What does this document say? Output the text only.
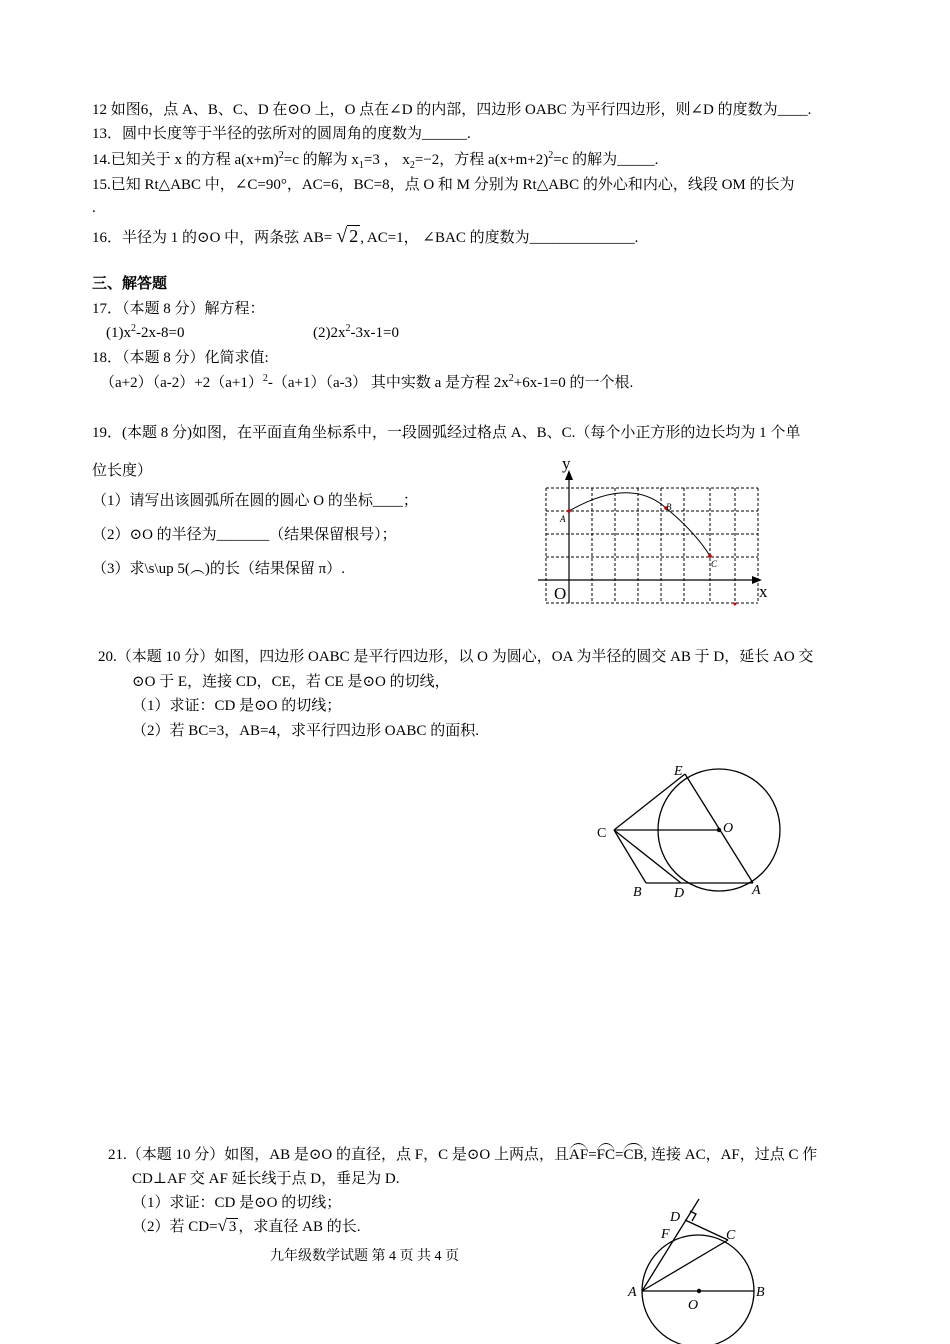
12 如图6，点 A、B、C、D 在⊙O 上，O 点在∠D 的内部，四边形 OABC 为平行四边形，则∠D 的度数为____.
13．圆中长度等于半径的弦所对的圆周角的度数为______.
14.已知关于 x 的方程 $a(x+m)^2=c$ 的解为 $x_1=3$ ， $x_2=-2$，方程 $a(x+m+2)^2=c$ 的解为_____.
15.已知 Rt△ABC 中，∠C=90°，AC=6，BC=8，点 O 和 M 分别为 Rt△ABC 的外心和内心，线段 OM 的长为
.
16．半径为 1 的⊙O 中，两条弦 AB= √ 2 , AC=1， ∠BAC 的度数为______________.
三、解答题
17．（本题 8 分）解方程：
$(1)x^2-2x-8=0$	$(2)2x^2-3x-1=0$
18．（本题 8 分）化简求值:
$(a+2)(a-2)+2(a+1)^2-(a+1)(a-3)$ 其中实数 a 是方程 $2x^2+6x-1=0$ 的一个根.
19．(本题 8 分)如图，在平面直角坐标系中，一段圆弧经过格点 A、B、C.（每个小正方形的边长均为 1 个单
位长度）
（1）请写出该圆弧所在圆的圆心 O 的坐标____；
（2）⊙O 的半径为_______（结果保留根号）；
（3）求\s\up 5(︵)的长（结果保留 π）.
A
B
C
y
x
O
20.（本题 10 分）如图，四边形 OABC 是平行四边形，以 O 为圆心，OA 为半径的圆交 AB 于 D，延长 AO 交
⊙O 于 E，连接 CD，CE，若 CE 是⊙O 的切线，
（1）求证：CD 是⊙O 的切线；
（2）若 BC=3，AB=4，求平行四边形 OABC 的面积.
E
C	O
B D	A
21.（本题 10 分）如图，AB 是⊙O 的直径，点 F，C 是⊙O 上两点，且AF=FC=CB, 连接 AC，AF，过点 C 作
CD⊥AF 交 AF 延长线于点 D，垂足为 D.
（1）求证：CD 是⊙O 的切线；
（2）若 CD=√ 3 ，求直径 AB 的长.
九年级数学试题 第 4 页 共 4 页
D
F	C
A
O
B
